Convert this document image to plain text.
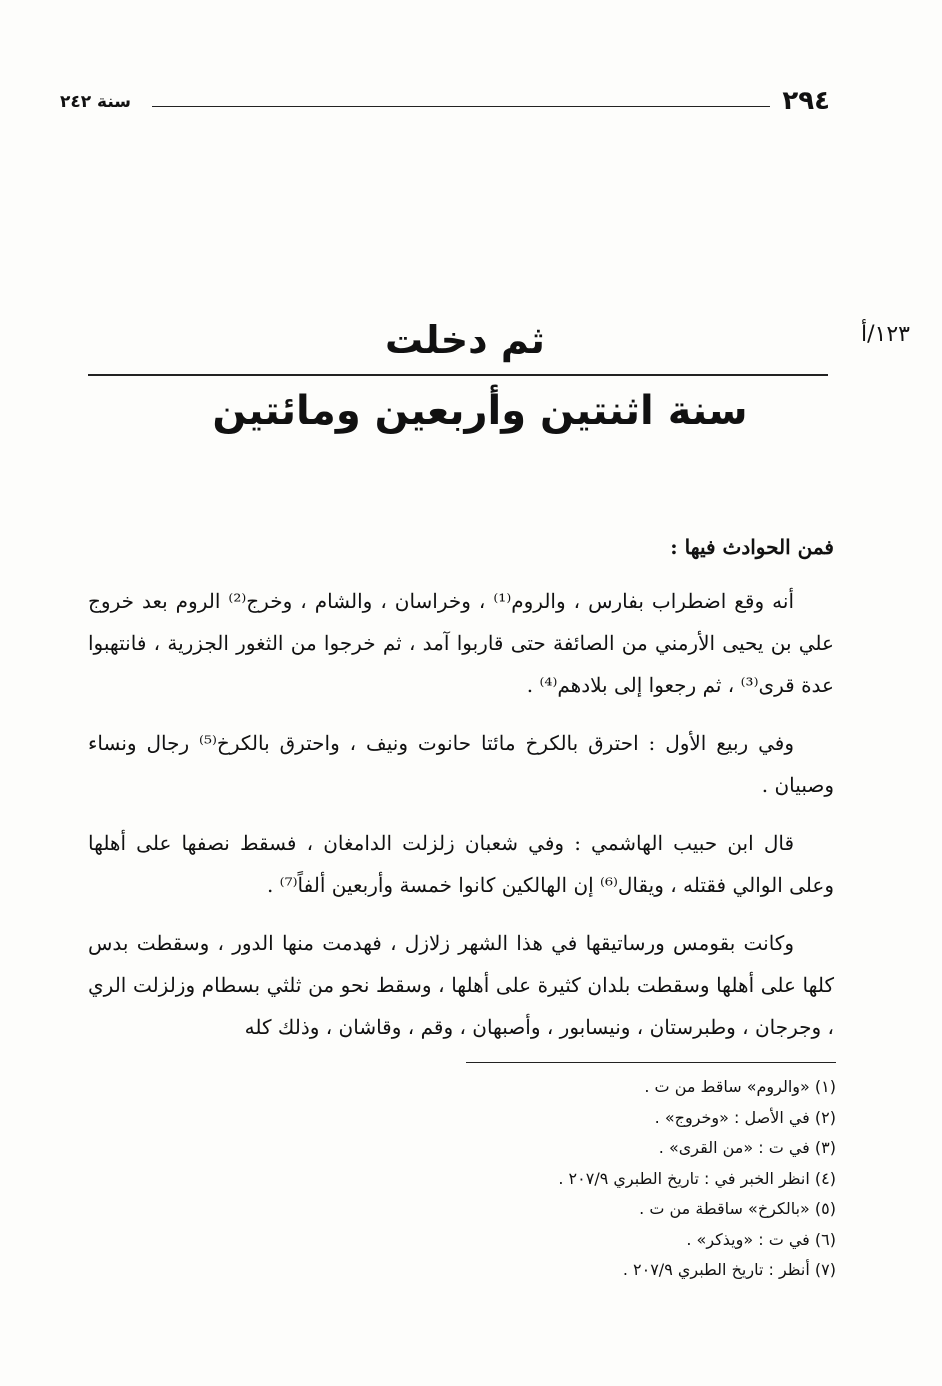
٢٩٤
سنة ٢٤٢
١٢٣/أ
ثم دخلت
سنة اثنتين وأربعين ومائتين

فمن الحوادث فيها :

أنه وقع اضطراب بفارس ، والروم⁽¹⁾ ، وخراسان ، والشام ، وخرج⁽²⁾ الروم بعد خروج علي بن يحيى الأرمني من الصائفة حتى قاربوا آمد ، ثم خرجوا من الثغور الجزرية ، فانتهبوا عدة قرى⁽³⁾ ، ثم رجعوا إلى بلادهم⁽⁴⁾ .

وفي ربيع الأول : احترق بالكرخ مائتا حانوت ونيف ، واحترق بالكرخ⁽⁵⁾ رجال ونساء وصبيان .

قال ابن حبيب الهاشمي : وفي شعبان زلزلت الدامغان ، فسقط نصفها على أهلها وعلى الوالي فقتله ، ويقال⁽⁶⁾ إن الهالكين كانوا خمسة وأربعين ألفاً⁽⁷⁾ .

وكانت بقومس ورساتيقها في هذا الشهر زلازل ، فهدمت منها الدور ، وسقطت بدس كلها على أهلها وسقطت بلدان كثيرة على أهلها ، وسقط نحو من ثلثي بسطام وزلزلت الري ، وجرجان ، وطبرستان ، ونيسابور ، وأصبهان ، وقم ، وقاشان ، وذلك كله

(١) «والروم» ساقط من ت .
(٢) في الأصل : «وخروج» .
(٣) في ت : «من القرى» .
(٤) انظر الخبر في : تاريخ الطبري ٢٠٧/٩ .
(٥) «بالكرخ» ساقطة من ت .
(٦) في ت : «ويذكر» .
(٧) أنظر : تاريخ الطبري ٢٠٧/٩ .
